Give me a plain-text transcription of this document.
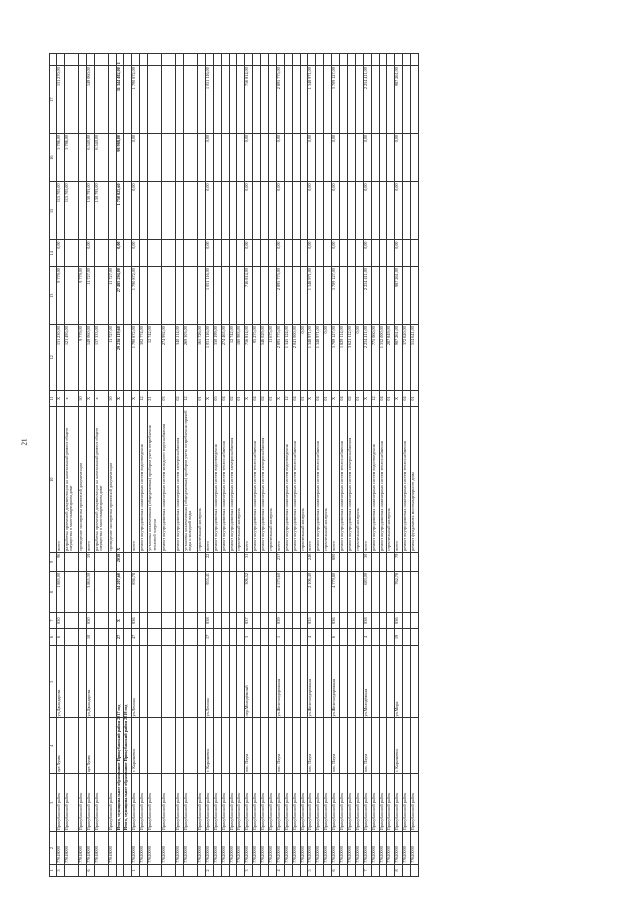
21
1	2	3	4	5	6	7	8	9	10	11	12	13	14	15	16	17	
5	77618000	Прикубанский район	аул Хумм	ул.Джандарова	6	830	1 885,00	96	всего	X	131 230,90	9 779,00	0,00	115 705,00	5 786,00	131 270,00	
	77618000	Прикубанский район							разработка проектной документации на капитальный ремонт общего имущества в многоквартирном доме	х	121 495,00			115 705,00	5 786,00		
	77618000	Прикубанский район							проведение экспертизы проектной документации	50	9 779,00	9 779,00					
6	77618000	Прикубанский район	аул Хумм	ул.Джандарова	10	830	3 865,30	59	всего	X	149 060,00	11 727,00	0,00	130 793,00	6 540,00	149 060,00	
	77618000	Прикубанский район							разработка проектной документации на капитальный ремонт общего имущества в многоквартирном доме	х	137 333,00			130 793,00	6 540,00		
	77618000	Прикубанский район							проведение экспертизы проектной документации	50	11 727,00	11 727,00					
		Итого, муниципальное образование Прикубанский район 2017 год			27	X	34 207,60	2038	X	X	29 236 119,60	27 485 294,00	0,00	1 750 825,60	98 988,00	31 344 482,00	1
		Итого, муниципальное образование Прикубанский район 2018 год															
1	77620000	Прикубанский район	г. Карачаевск	ул.Ленина	47	836	836,78		всего	X	1 790 872,00	1 790 872,00	0,00	0,00	0,00	1 790 872,00	
	77620000	Прикубанский район							ремонт внутридомовых инженерных систем водоотведения	12	302 774,00						
	77620000	Прикубанский район							установка коллективных (общедомовых) приборов учета потребления тепловой энергии	21	12 742,00						
	77620000	Прикубанский район							ремонт внутридомовых инженерных систем холодного водоснабжения	03	274 992,00						
	77620000	Прикубанский район							ремонт внутридомовых инженерных систем электроснабжения	02	340 114,00						
	77620000	Прикубанский район							установка коллективных (общедомовых) приборов учета потребления горячей воды и холодной воды	12	269 303,00						
	77620000	Прикубанский район							строительный контроль	01	165 726,00						
2	77620000	Прикубанский район	г. Карачаевск	ул.Ленина	17	838	955,41	22	всего	X	1 051 116,00	1 051 116,00	0,00	0,00	0,00	1 051 116,00	
	77620000	Прикубанский район							ремонт внутридомовых инженерных систем водоотведения	05	330 199,00						
	77620000	Прикубанский район							ремонт внутридомовых инженерных систем теплоснабжения	04	274 463,00						
	77620000	Прикубанский район							ремонт внутридомовых инженерных систем электроснабжения	02	12 742,00						
	77620000	Прикубанский район							строительный контроль	01	180 983,00						
3	77620000	Прикубанский район	пос. Пхум	пер.Молодёжный	3	837	306,52	31	всего	X	716 814,00	716 814,00	0,00	0,00	0,00	716 814,00	
	77620000	Прикубанский район							ремонт внутридомовых инженерных систем теплоснабжения	04	95 275,00						
	77620000	Прикубанский район							ремонт внутридомовых инженерных систем электроснабжения	02	546 029,00						
	77620000	Прикубанский район							строительный контроль	01	11 675,00						
4	77620000	Прикубанский район	пос. Пхум	ул.Железнодорожная	1	839	4 573,60	237	всего	X	2 895 775,00	2 895 775,00	0,00	0,00	0,00	2 895 775,00	
	77620000	Прикубанский район							ремонт внутридомовых инженерных систем водоотведения	12	1 345 124,00						
	77620000	Прикубанский район							ремонт внутридомовых инженерных систем теплоснабжения	04	2 041 000,00						
	77620000	Прикубанский район							строительный контроль	01	0,00						
5	77620000	Прикубанский район	пос. Пхум	ул.Железнодорожная	4	835	2 106,40	246	всего	X	1 348 971,00	1 348 971,00	0,00	0,00	0,00	1 348 971,00	
	77620000	Прикубанский район							ремонт внутридомовых инженерных систем теплоснабжения	04	1 348 971,00						
	77620000	Прикубанский район							строительный контроль	01	0,00						
6	77620000	Прикубанский район	пос. Пхум	ул.Железнодорожная	6	836	4 779,80	800	всего	X	3 709 127,00	3 709 127,00	0,00	0,00	0,00	3 709 127,00	
	77620000	Прикубанский район							ремонт внутридомовых инженерных систем теплоснабжения	04	1 829 114,00						
	77620000	Прикубанский район							ремонт внутридомовых инженерных систем электроснабжения	02	3 621 112,00						
	77620000	Прикубанский район							строительный контроль	01	0,00						
7	77620000	Прикубанский район	пос. Пхум	ул.Молодёжная	4	838	683,00	30	всего	X	2 254 411,00	2 254 411,00	0,00	0,00	0,00	2 254 411,00	
	77620000	Прикубанский район							ремонт внутридомовых инженерных систем водоотведения	12	775 060,00						
	77620000	Прикубанский район							ремонт внутридомовых инженерных систем теплоснабжения	04	1 332 000,00						
	77620000	Прикубанский район							строительный контроль	01	287 849,00						
8	77620000	Прикубанский район	г. Карачаевск	ул.Мира	19	836	762,78	79	всего	X	987 261,00	987 261,00	0,00	0,00	0,00	987 261,00	
	77620000	Прикубанский район							ремонт внутридомовых инженерных систем теплоснабжения	04	372 620,00						
	77620000	Прикубанский район							ремонт фундамента многоквартирного дома	01	514 641,00						
